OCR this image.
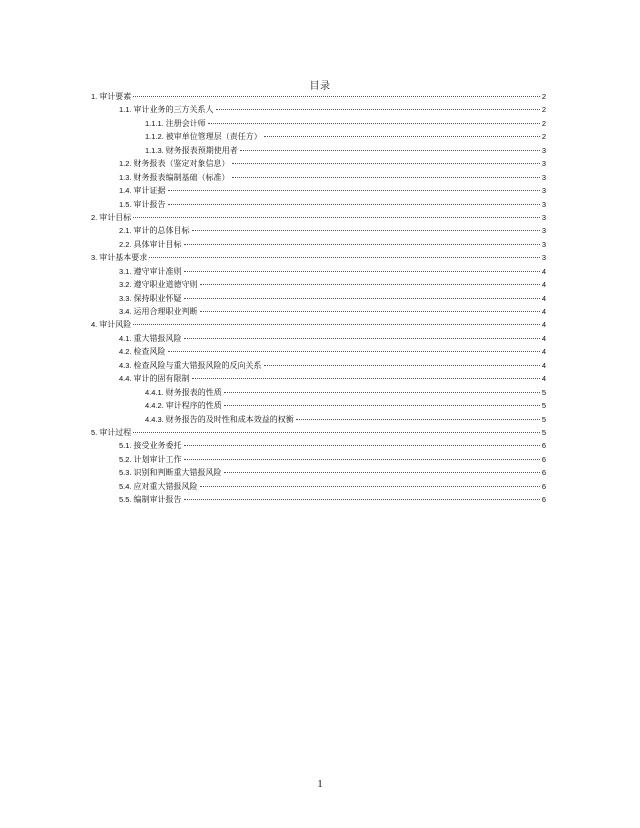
目录
1. 审计要素	2
1.1. 审计业务的三方关系人	2
1.1.1. 注册会计师	2
1.1.2. 被审单位管理层（责任方）	2
1.1.3. 财务报表预期使用者	3
1.2. 财务报表（鉴定对象信息）	3
1.3. 财务报表编制基础（标准）	3
1.4. 审计证据	3
1.5. 审计报告	3
2. 审计目标	3
2.1. 审计的总体目标	3
2.2. 具体审计目标	3
3. 审计基本要求	3
3.1. 遵守审计准则	4
3.2. 遵守职业道德守则	4
3.3. 保持职业怀疑	4
3.4. 运用合理职业判断	4
4. 审计风险	4
4.1. 重大错报风险	4
4.2. 检查风险	4
4.3. 检查风险与重大错报风险的反向关系	4
4.4. 审计的固有限制	4
4.4.1. 财务报表的性质	5
4.4.2. 审计程序的性质	5
4.4.3. 财务报告的及时性和成本效益的权衡	5
5. 审计过程	5
5.1. 接受业务委托	6
5.2. 计划审计工作	6
5.3. 识别和判断重大错报风险	6
5.4. 应对重大错报风险	6
5.5. 编制审计报告	6
1
